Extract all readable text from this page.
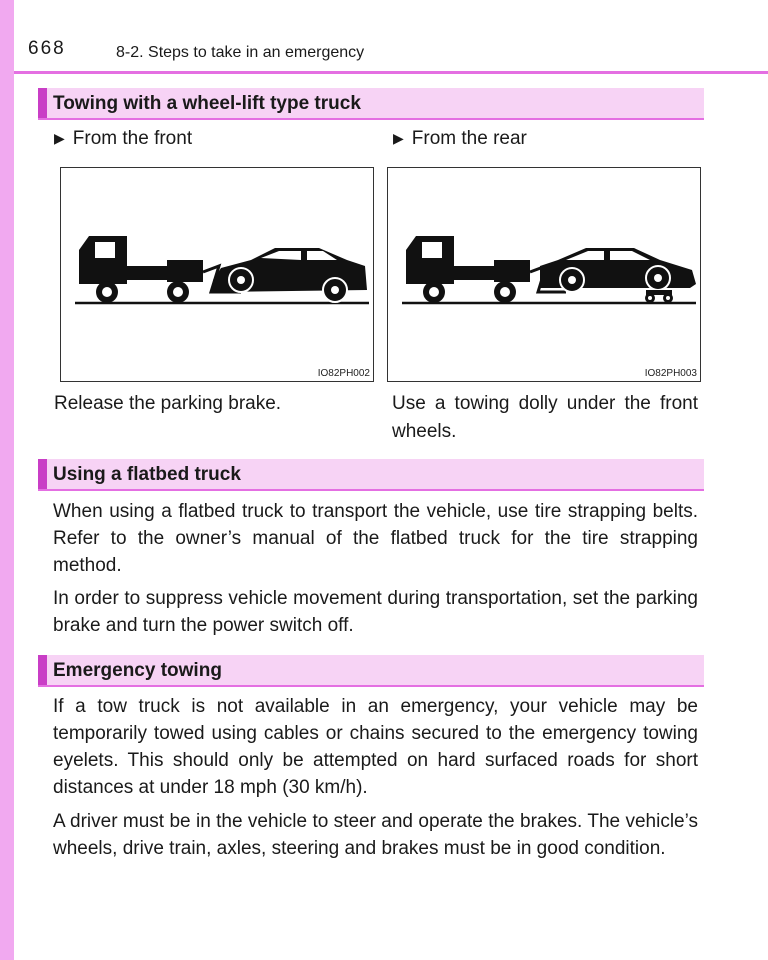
668	8-2. Steps to take in an emergency
Towing with a wheel-lift type truck
▶ From the front	▶ From the rear
IO82PH002	IO82PH003
Release the parking brake.	Use a towing dolly under the front wheels.
Using a flatbed truck
When using a flatbed truck to transport the vehicle, use tire strapping belts. Refer to the owner’s manual of the flatbed truck for the tire strapping method.
In order to suppress vehicle movement during transportation, set the parking brake and turn the power switch off.
Emergency towing
If a tow truck is not available in an emergency, your vehicle may be temporarily towed using cables or chains secured to the emergency towing eyelets. This should only be attempted on hard surfaced roads for short distances at under 18 mph (30 km/h).
A driver must be in the vehicle to steer and operate the brakes. The vehicle’s wheels, drive train, axles, steering and brakes must be in good condition.
